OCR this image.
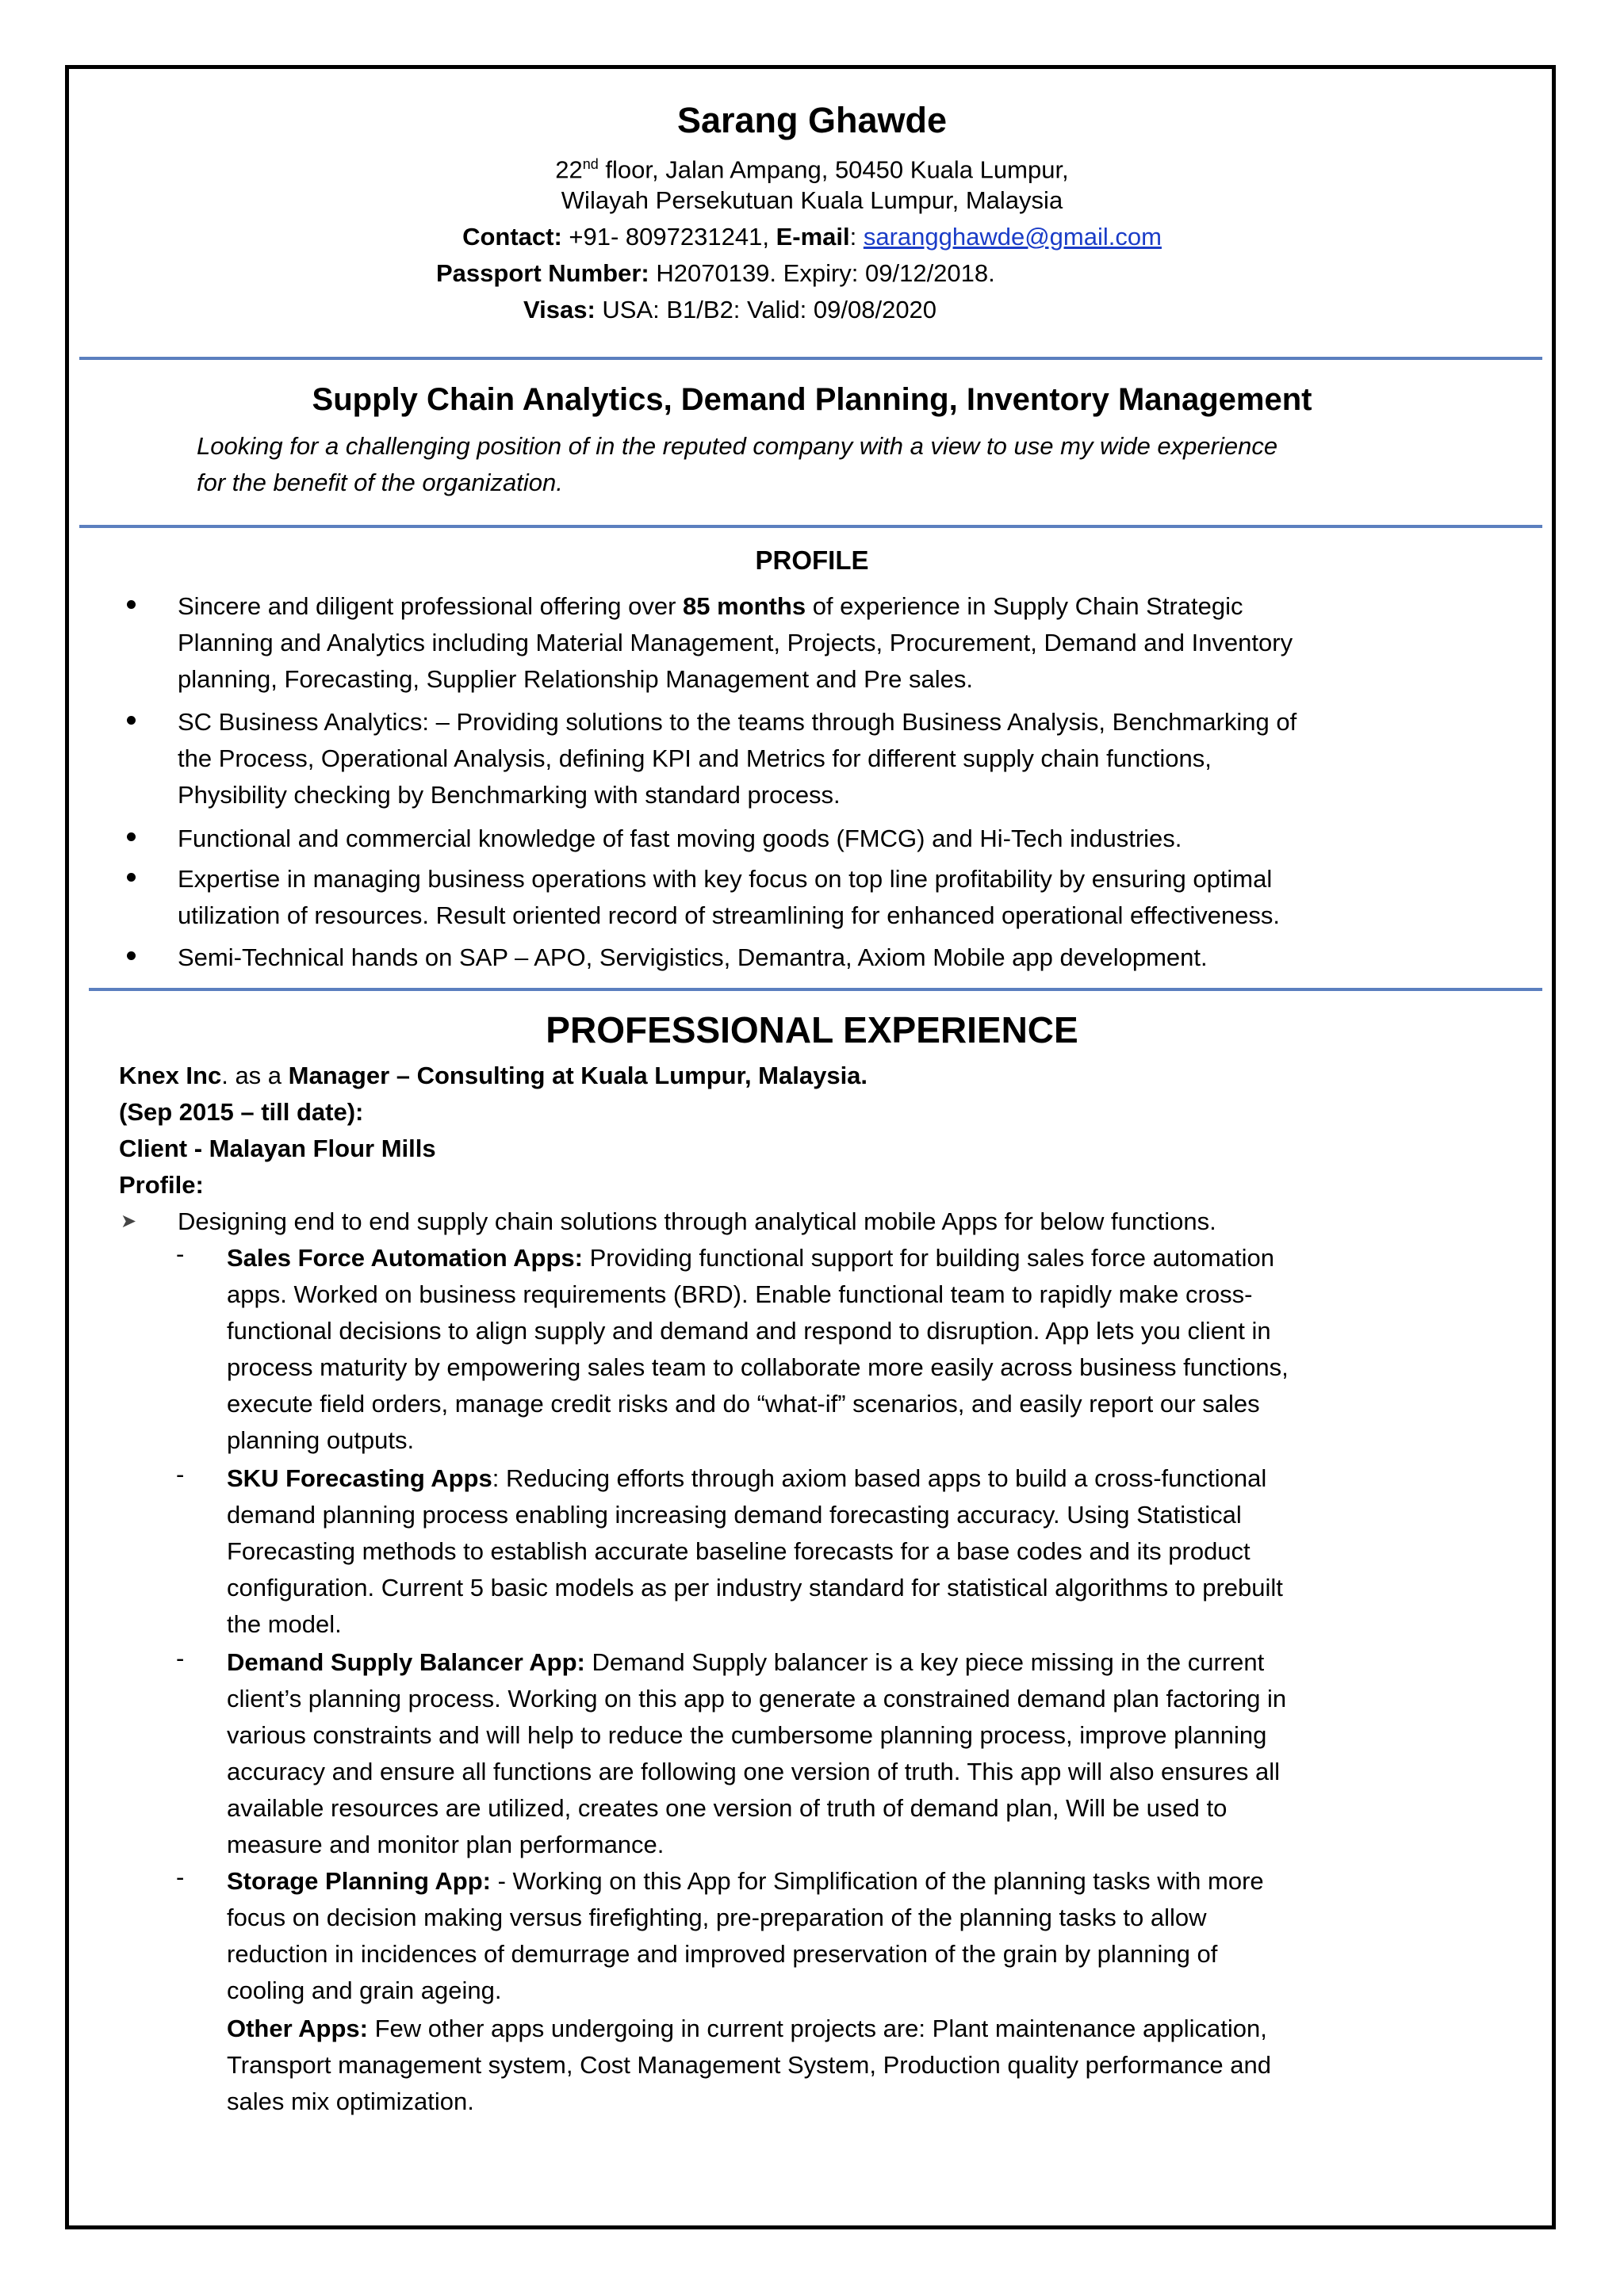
Sarang Ghawde
22nd floor, Jalan Ampang, 50450 Kuala Lumpur,
Wilayah Persekutuan Kuala Lumpur, Malaysia
Contact: +91- 8097231241, E-mail: sarangghawde@gmail.com
Passport Number: H2070139. Expiry: 09/12/2018.
Visas: USA: B1/B2: Valid: 09/08/2020
Supply Chain Analytics, Demand Planning, Inventory Management
Looking for a challenging position of in the reputed company with a view to use my wide experience
for the benefit of the organization.
PROFILE
Sincere and diligent professional offering over 85 months of experience in Supply Chain Strategic
Planning and Analytics including Material Management, Projects, Procurement, Demand and Inventory
planning, Forecasting, Supplier Relationship Management and Pre sales.
SC Business Analytics: – Providing solutions to the teams through Business Analysis, Benchmarking of
the Process, Operational Analysis, defining KPI and Metrics for different supply chain functions,
Physibility checking by Benchmarking with standard process.
Functional and commercial knowledge of fast moving goods (FMCG) and Hi-Tech industries.
Expertise in managing business operations with key focus on top line profitability by ensuring optimal
utilization of resources. Result oriented record of streamlining for enhanced operational effectiveness.
Semi-Technical hands on SAP – APO, Servigistics, Demantra, Axiom Mobile app development.
PROFESSIONAL EXPERIENCE
Knex Inc. as a Manager – Consulting at Kuala Lumpur, Malaysia.
(Sep 2015 – till date):
Client - Malayan Flour Mills
Profile:
➤ Designing end to end supply chain solutions through analytical mobile Apps for below functions.
- Sales Force Automation Apps: Providing functional support for building sales force automation
apps. Worked on business requirements (BRD). Enable functional team to rapidly make cross-
functional decisions to align supply and demand and respond to disruption. App lets you client in
process maturity by empowering sales team to collaborate more easily across business functions,
execute field orders, manage credit risks and do “what-if” scenarios, and easily report our sales
planning outputs.
- SKU Forecasting Apps: Reducing efforts through axiom based apps to build a cross-functional
demand planning process enabling increasing demand forecasting accuracy. Using Statistical
Forecasting methods to establish accurate baseline forecasts for a base codes and its product
configuration. Current 5 basic models as per industry standard for statistical algorithms to prebuilt
the model.
- Demand Supply Balancer App: Demand Supply balancer is a key piece missing in the current
client’s planning process. Working on this app to generate a constrained demand plan factoring in
various constraints and will help to reduce the cumbersome planning process, improve planning
accuracy and ensure all functions are following one version of truth. This app will also ensures all
available resources are utilized, creates one version of truth of demand plan, Will be used to
measure and monitor plan performance.
- Storage Planning App: - Working on this App for Simplification of the planning tasks with more
focus on decision making versus firefighting, pre-preparation of the planning tasks to allow
reduction in incidences of demurrage and improved preservation of the grain by planning of
cooling and grain ageing.
Other Apps: Few other apps undergoing in current projects are: Plant maintenance application,
Transport management system, Cost Management System, Production quality performance and
sales mix optimization.
